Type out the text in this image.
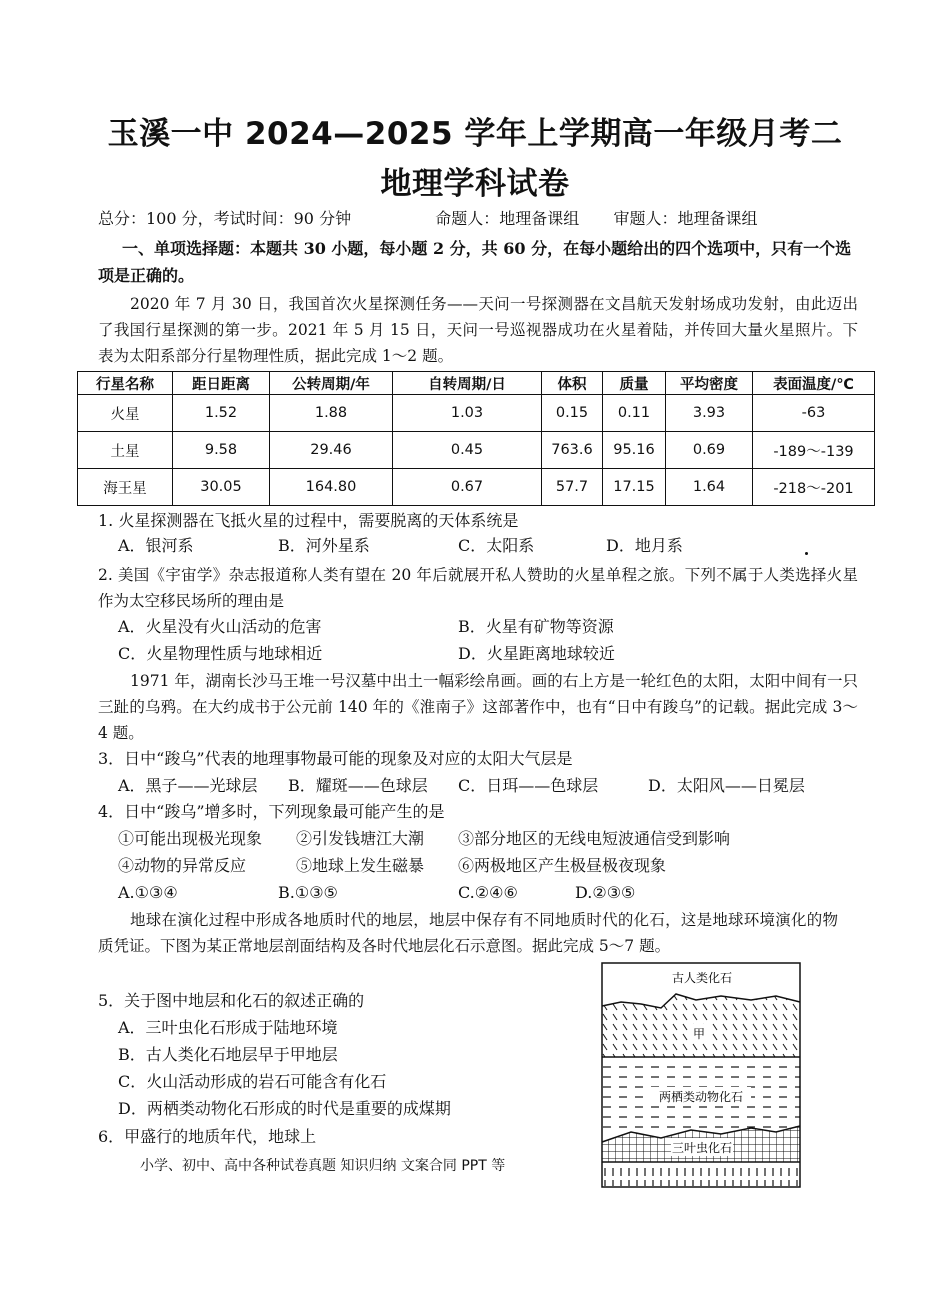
玉溪一中 2024—2025 学年上学期高一年级月考二
地理学科试卷
总分：100 分，考试时间：90 分钟	命题人：地理备课组 审题人：地理备课组
一、单项选择题：本题共 30 小题，每小题 2 分，共 60 分，在每小题给出的四个选项中，只有一个选项是正确的。
2020 年 7 月 30 日，我国首次火星探测任务——天问一号探测器在文昌航天发射场成功发射，由此迈出了我国行星探测的第一步。2021 年 5 月 15 日，天问一号巡视器成功在火星着陆，并传回大量火星照片。下表为太阳系部分行星物理性质，据此完成 1～2 题。
行星名称	距日距离	公转周期/年	自转周期/日	体积	质量	平均密度	表面温度/℃
火星	1.52	1.88	1.03	0.15	0.11	3.93	-63
土星	9.58	29.46	0.45	763.6	95.16	0.69	-189～-139
海王星	30.05	164.80	0.67	57.7	17.15	1.64	-218～-201
1. 火星探测器在飞抵火星的过程中，需要脱离的天体系统是
A．银河系	B．河外星系	C．太阳系	D．地月系
2. 美国《宇宙学》杂志报道称人类有望在 20 年后就展开私人赞助的火星单程之旅。下列不属于人类选择火星作为太空移民场所的理由是
A．火星没有火山活动的危害	B．火星有矿物等资源
C．火星物理性质与地球相近	D．火星距离地球较近
1971 年，湖南长沙马王堆一号汉墓中出土一幅彩绘帛画。画的右上方是一轮红色的太阳，太阳中间有一只三趾的乌鸦。在大约成书于公元前 140 年的《淮南子》这部著作中，也有“日中有踆乌”的记载。据此完成 3～4 题。
3．日中“踆乌”代表的地理事物最可能的现象及对应的太阳大气层是
A．黑子——光球层 B．耀斑——色球层 C．日珥——色球层	D．太阳风——日冕层
4．日中“踆乌”增多时，下列现象最可能产生的是
①可能出现极光现象 ②引发钱塘江大潮 ③部分地区的无线电短波通信受到影响
④动物的异常反应	⑤地球上发生磁暴 ⑥两极地区产生极昼极夜现象
A.①③④	B.①③⑤	C.②④⑥	D.②③⑤
地球在演化过程中形成各地质时代的地层，地层中保存有不同地质时代的化石，这是地球环境演化的物质凭证。下图为某正常地层剖面结构及各时代地层化石示意图。据此完成 5～7 题。
5．关于图中地层和化石的叙述正确的
A．三叶虫化石形成于陆地环境
B．古人类化石地层早于甲地层
C．火山活动形成的岩石可能含有化石
D．两栖类动物化石形成的时代是重要的成煤期
6．甲盛行的地质年代，地球上
小学、初中、高中各种试卷真题 知识归纳 文案合同 PPT 等
古人类化石
甲
两栖类动物化石
三叶虫化石
